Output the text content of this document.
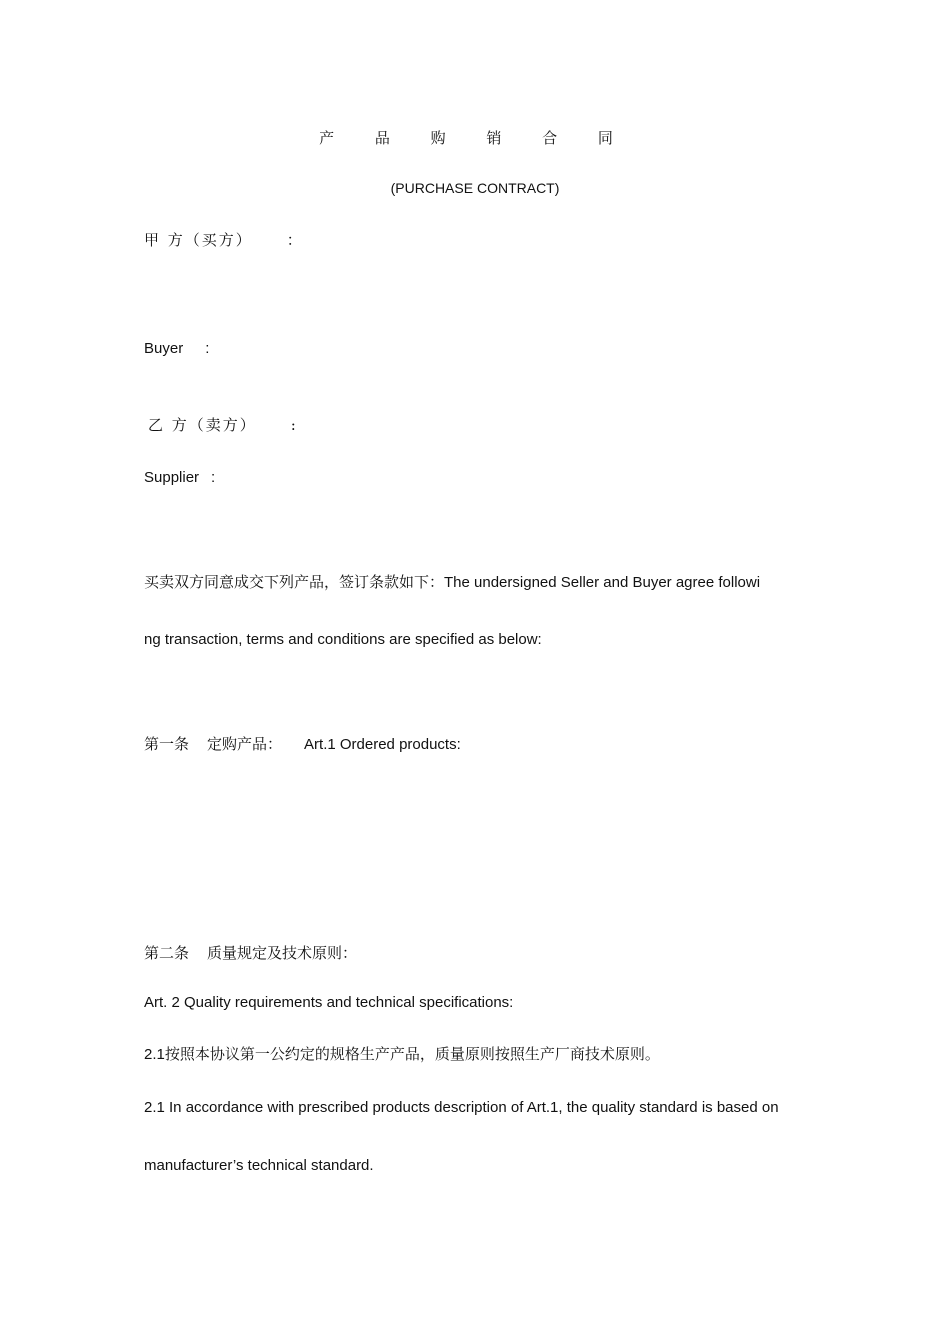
产 品 购 销 合 同
(PURCHASE CONTRACT)
甲 方（买方） ：
Buyer :
乙 方（卖方） :
Supplier :
买卖双方同意成交下列产品，签订条款如下：The undersigned Seller and Buyer agree followi
ng transaction, terms and conditions are specified as below:
第一条 定购产品： Art.1 Ordered products:
第二条 质量规定及技术原则：
Art. 2 Quality requirements and technical specifications:
2.1按照本协议第一公约定的规格生产产品，质量原则按照生产厂商技术原则。
2.1 In accordance with prescribed products description of Art.1, the quality standard is based on
manufacturer’s technical standard.
